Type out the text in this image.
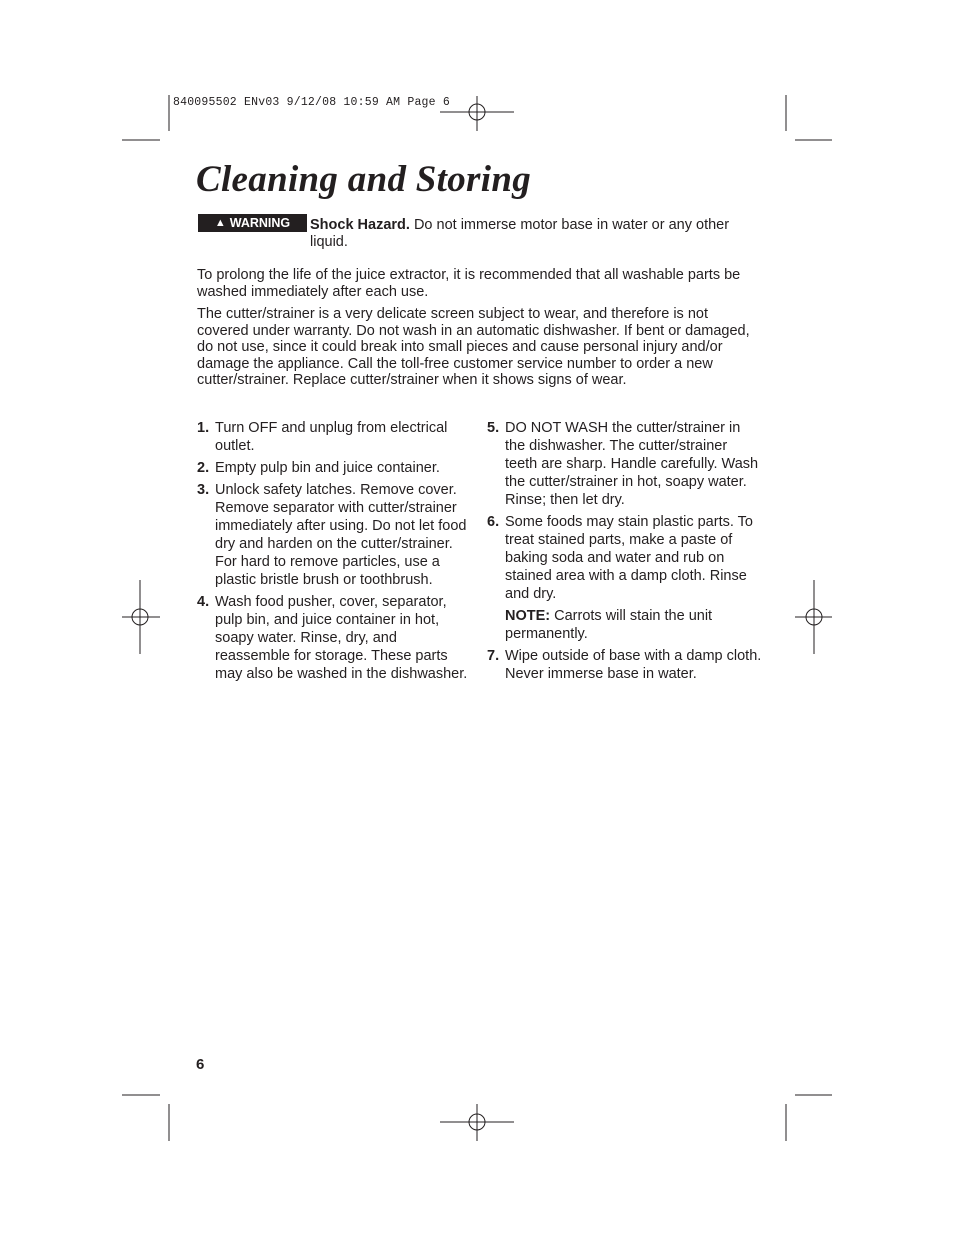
840095502 ENv03 9/12/08 10:59 AM Page 6
Cleaning and Storing
▲ WARNING Shock Hazard. Do not immerse motor base in water or any other liquid.

To prolong the life of the juice extractor, it is recommended that all washable parts be washed immediately after each use.

The cutter/strainer is a very delicate screen subject to wear, and therefore is not covered under warranty. Do not wash in an automatic dishwasher. If bent or damaged, do not use, since it could break into small pieces and cause personal injury and/or damage the appliance. Call the toll-free customer service number to order a new cutter/strainer. Replace cutter/strainer when it shows signs of wear.

1. Turn OFF and unplug from electrical outlet.
2. Empty pulp bin and juice container.
3. Unlock safety latches. Remove cover. Remove separator with cutter/strainer immediately after using. Do not let food dry and harden on the cutter/strainer. For hard to remove particles, use a plastic bristle brush or toothbrush.
4. Wash food pusher, cover, separator, pulp bin, and juice container in hot, soapy water. Rinse, dry, and reassemble for storage. These parts may also be washed in the dishwasher.
5. DO NOT WASH the cutter/strainer in the dishwasher. The cutter/strainer teeth are sharp. Handle carefully. Wash the cutter/strainer in hot, soapy water. Rinse; then let dry.
6. Some foods may stain plastic parts. To treat stained parts, make a paste of baking soda and water and rub on stained area with a damp cloth. Rinse and dry.
NOTE: Carrots will stain the unit permanently.
7. Wipe outside of base with a damp cloth. Never immerse base in water.
6
